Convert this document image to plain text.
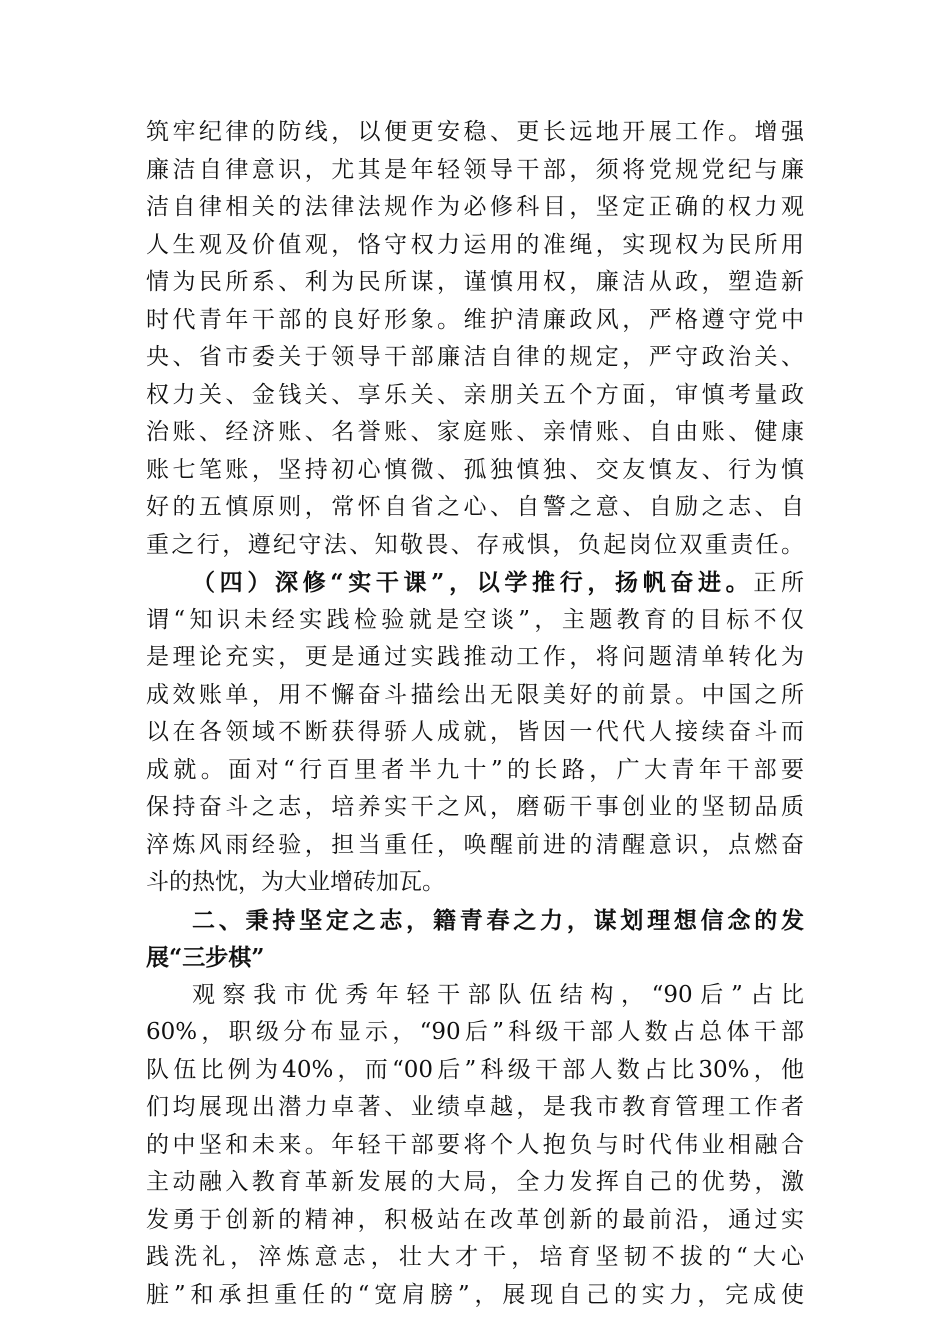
筑牢纪律的防线，以便更安稳、更长远地开展工作。增强
廉洁自律意识，尤其是年轻领导干部，须将党规党纪与廉
洁自律相关的法律法规作为必修科目，坚定正确的权力观
人生观及价值观，恪守权力运用的准绳，实现权为民所用
情为民所系、利为民所谋，谨慎用权，廉洁从政，塑造新
时代青年干部的良好形象。维护清廉政风，严格遵守党中
央、省市委关于领导干部廉洁自律的规定，严守政治关、
权力关、金钱关、享乐关、亲朋关五个方面，审慎考量政
治账、经济账、名誉账、家庭账、亲情账、自由账、健康
账七笔账，坚持初心慎微、孤独慎独、交友慎友、行为慎
好的五慎原则，常怀自省之心、自警之意、自励之志、自
重之行，遵纪守法、知敬畏、存戒惧，负起岗位双重责任。
（四）深修“实干课”，以学推行，扬帆奋进。正所
谓“知识未经实践检验就是空谈”，主题教育的目标不仅
是理论充实，更是通过实践推动工作，将问题清单转化为
成效账单，用不懈奋斗描绘出无限美好的前景。中国之所
以在各领域不断获得骄人成就，皆因一代代人接续奋斗而
成就。面对“行百里者半九十”的长路，广大青年干部要
保持奋斗之志，培养实干之风，磨砺干事创业的坚韧品质
淬炼风雨经验，担当重任，唤醒前进的清醒意识，点燃奋
斗的热忱，为大业增砖加瓦。
二、秉持坚定之志，籍青春之力，谋划理想信念的发
展“三步棋”
观察我市优秀年轻干部队伍结构，“90后”占比
60%，职级分布显示，“90后”科级干部人数占总体干部
队伍比例为40%，而“00后”科级干部人数占比30%，他
们均展现出潜力卓著、业绩卓越，是我市教育管理工作者
的中坚和未来。年轻干部要将个人抱负与时代伟业相融合
主动融入教育革新发展的大局，全力发挥自己的优势，激
发勇于创新的精神，积极站在改革创新的最前沿，通过实
践洗礼，淬炼意志，壮大才干，培育坚韧不拔的“大心
脏”和承担重任的“宽肩膀”，展现自己的实力，完成使
